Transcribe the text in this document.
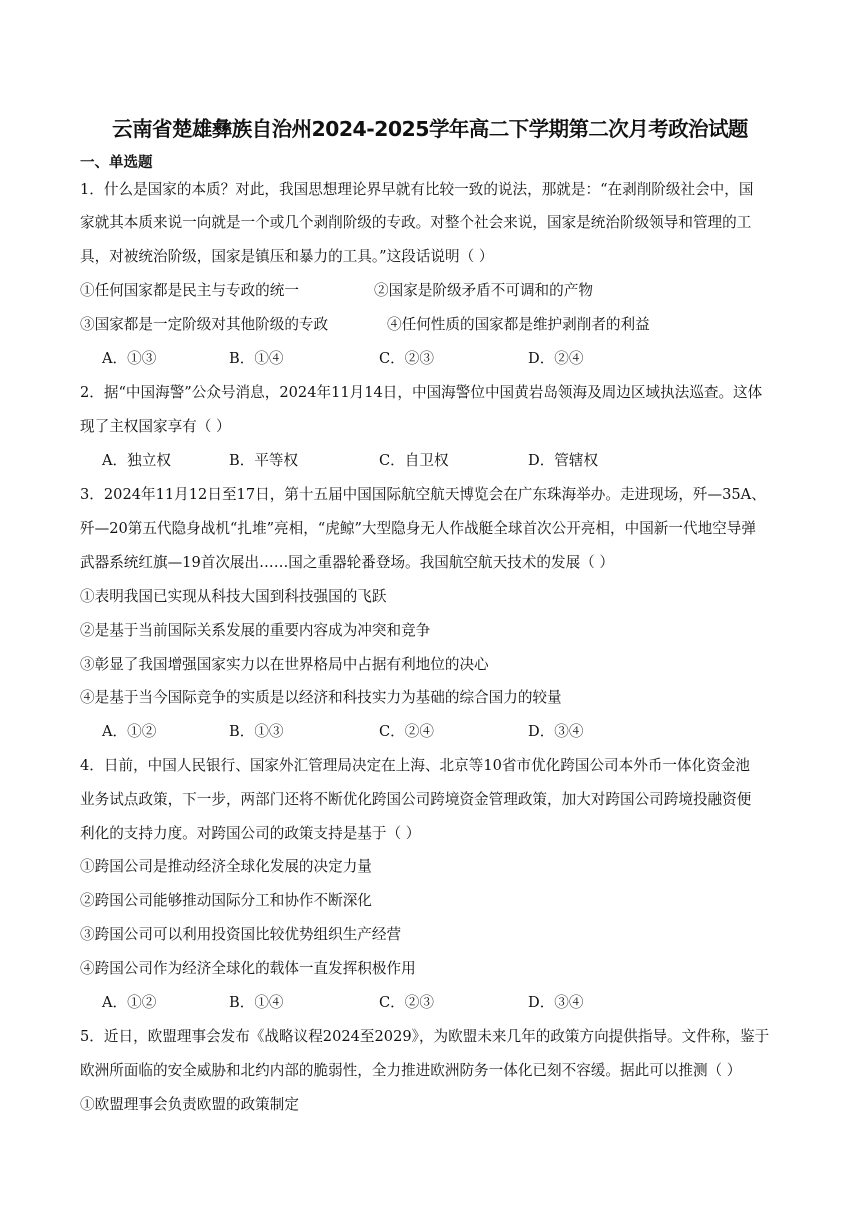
云南省楚雄彝族自治州2024-2025学年高二下学期第二次月考政治试题
一、单选题
1．什么是国家的本质？对此，我国思想理论界早就有比较一致的说法，那就是：“在剥削阶级社会中，国
家就其本质来说一向就是一个或几个剥削阶级的专政。对整个社会来说，国家是统治阶级领导和管理的工
具，对被统治阶级，国家是镇压和暴力的工具。”这段话说明（ ）
①任何国家都是民主与专政的统一	②国家是阶级矛盾不可调和的产物
③国家都是一定阶级对其他阶级的专政	④任何性质的国家都是维护剥削者的利益
A．①③	B．①④	C．②③	D．②④
2．据“中国海警”公众号消息，2024年11月14日，中国海警位中国黄岩岛领海及周边区域执法巡查。这体
现了主权国家享有（ ）
A．独立权	B．平等权	C．自卫权	D．管辖权
3．2024年11月12日至17日，第十五届中国国际航空航天博览会在广东珠海举办。走进现场，歼—35A、
歼—20第五代隐身战机“扎堆”亮相，“虎鲸”大型隐身无人作战艇全球首次公开亮相，中国新一代地空导弹
武器系统红旗—19首次展出……国之重器轮番登场。我国航空航天技术的发展（ ）
①表明我国已实现从科技大国到科技强国的飞跃
②是基于当前国际关系发展的重要内容成为冲突和竞争
③彰显了我国增强国家实力以在世界格局中占据有利地位的决心
④是基于当今国际竞争的实质是以经济和科技实力为基础的综合国力的较量
A．①②	B．①③	C．②④	D．③④
4．日前，中国人民银行、国家外汇管理局决定在上海、北京等10省市优化跨国公司本外币一体化资金池
业务试点政策，下一步，两部门还将不断优化跨国公司跨境资金管理政策，加大对跨国公司跨境投融资便
利化的支持力度。对跨国公司的政策支持是基于（ ）
①跨国公司是推动经济全球化发展的决定力量
②跨国公司能够推动国际分工和协作不断深化
③跨国公司可以利用投资国比较优势组织生产经营
④跨国公司作为经济全球化的载体一直发挥积极作用
A．①②	B．①④	C．②③	D．③④
5．近日，欧盟理事会发布《战略议程2024至2029》，为欧盟未来几年的政策方向提供指导。文件称，鉴于
欧洲所面临的安全威胁和北约内部的脆弱性，全力推进欧洲防务一体化已刻不容缓。据此可以推测（ ）
①欧盟理事会负责欧盟的政策制定
